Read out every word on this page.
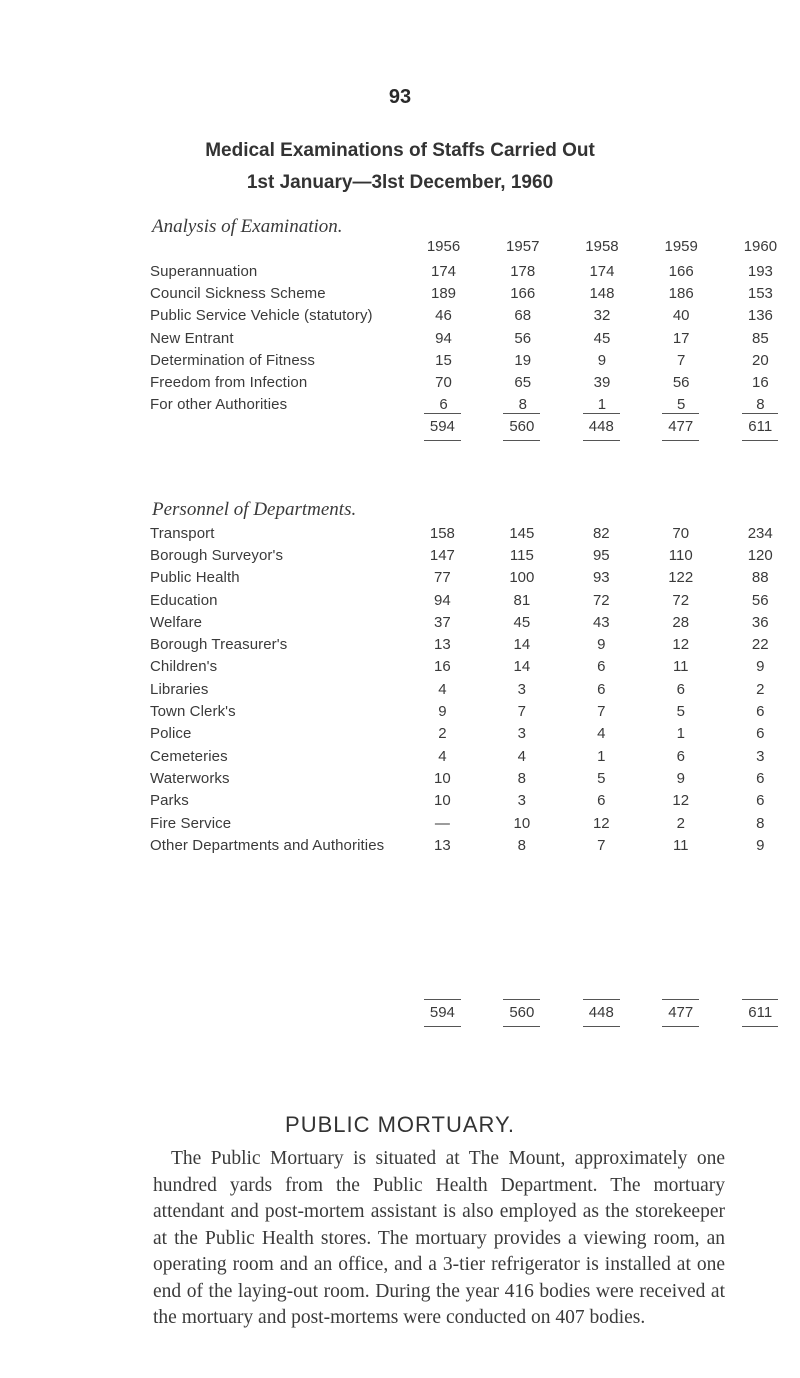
93
Medical Examinations of Staffs Carried Out
1st January—3lst December, 1960
Analysis of Examination.
	1956	1957	1958	1959	1960
Superannuation	174	178	174	166	193
Council Sickness Scheme	189	166	148	186	153
Public Service Vehicle (statutory)	46	68	32	40	136
New Entrant	94	56	45	17	85
Determination of Fitness	15	19	9	7	20
Freedom from Infection	70	65	39	56	16
For other Authorities	6	8	1	5	8
	594	560	448	477	611
Personnel of Departments.
Transport	158	145	82	70	234
Borough Surveyor's	147	115	95	110	120
Public Health	77	100	93	122	88
Education	94	81	72	72	56
Welfare	37	45	43	28	36
Borough Treasurer's	13	14	9	12	22
Children's	16	14	6	11	9
Libraries	4	3	6	6	2
Town Clerk's	9	7	7	5	6
Police	2	3	4	1	6
Cemeteries	4	4	1	6	3
Waterworks	10	8	5	9	6
Parks	10	3	6	12	6
Fire Service	—	10	12	2	8
Other Departments and Authorities	13	8	7	11	9
	594	560	448	477	611
PUBLIC MORTUARY.

The Public Mortuary is situated at The Mount, approximately one hundred yards from the Public Health Department. The mortuary attendant and post-mortem assistant is also employed as the storekeeper at the Public Health stores. The mortuary provides a viewing room, an operating room and an office, and a 3-tier refrigerator is installed at one end of the laying-out room. During the year 416 bodies were received at the mortuary and post-mortems were conducted on 407 bodies.
